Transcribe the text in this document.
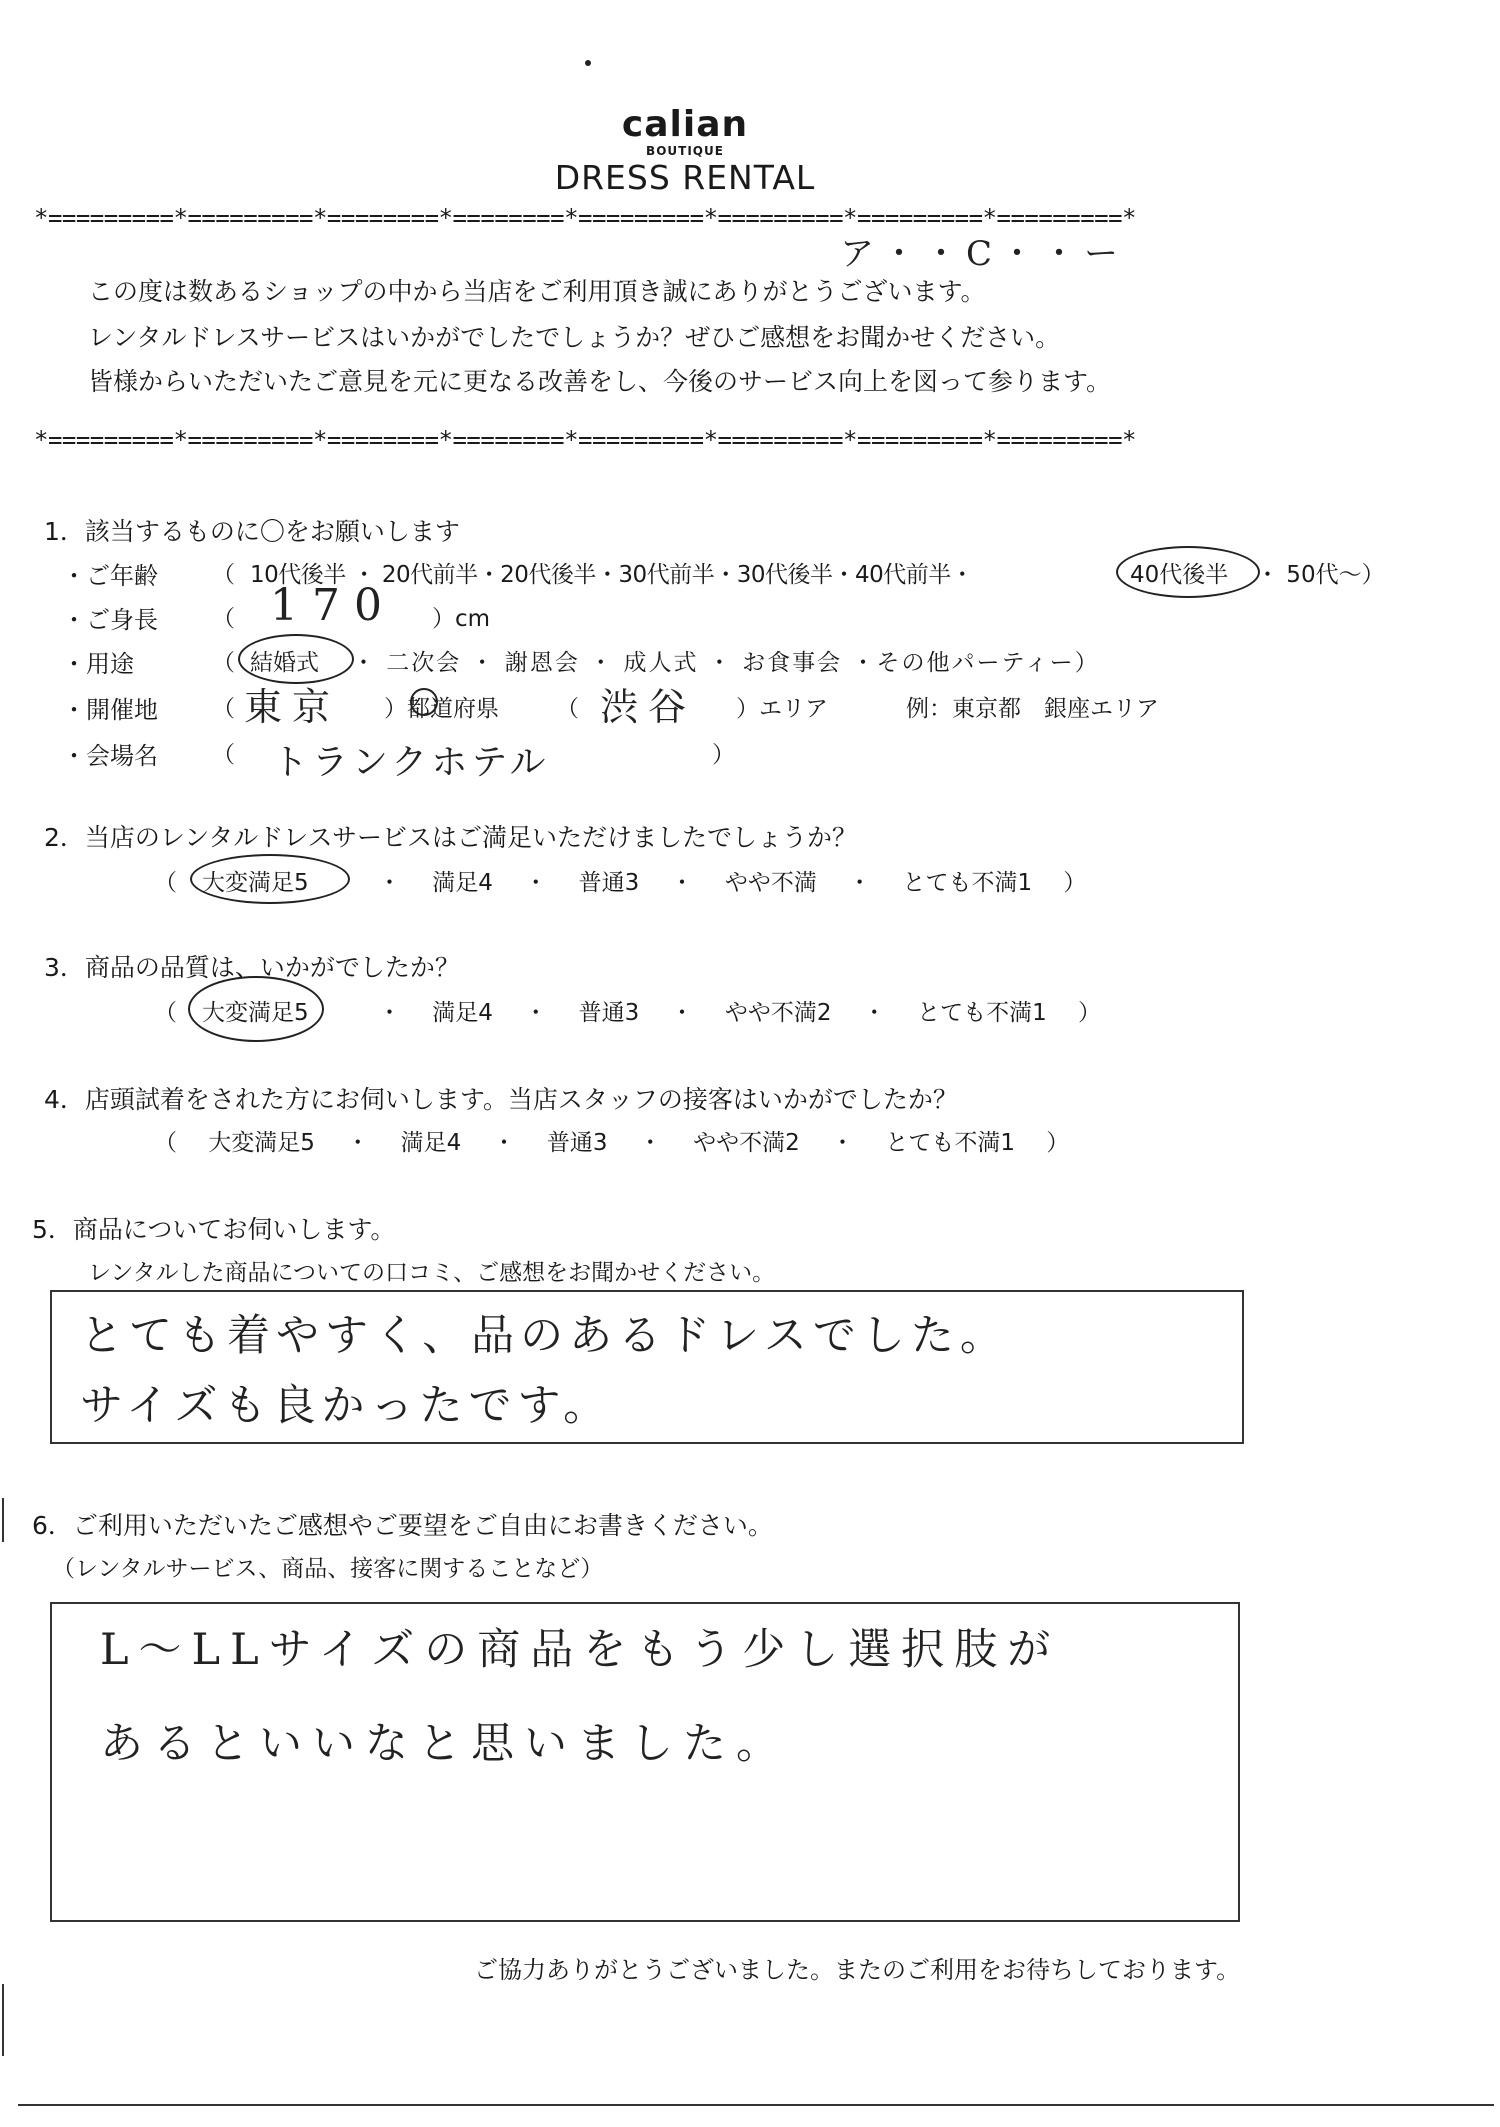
calian
BOUTIQUE
DRESS RENTAL
*=========*=========*========*========*=========*=========*=========*=========*
この度は数あるショップの中から当店をご利用頂き誠にありがとうございます。
レンタルドレスサービスはいかがでしたでしょうか？ぜひご感想をお聞かせください。
皆様からいただいたご意見を元に更なる改善をし、今後のサービス向上を図って参ります。
ア・・C・・ー
*=========*=========*========*========*=========*=========*=========*=========*
1．該当するものに〇をお願いします
・ご年齢 （ 10代後半 ・ 20代前半・20代後半・30代前半・30代後半・40代前半・	40代後半 ・ 50代～）
・ご身長 （ 170 ）cm
・用途	（ 結婚式 ・ 二次会 ・ 謝恩会 ・ 成人式 ・ お食事会 ・その他パーティー）
・開催地 （ 東京 ）都道府県 （ 渋谷 ）エリア	例：東京都　銀座エリア
・会場名 （ トランクホテル	）
2．当店のレンタルドレスサービスはご満足いただけましたでしょうか？
（ 大変満足5	・ 満足4 ・ 普通3 ・ やや不満 ・ とても不満1 ）
3．商品の品質は、いかがでしたか？
（ 大変満足5	・ 満足4 ・ 普通3 ・ やや不満2 ・ とても不満1 ）
4．店頭試着をされた方にお伺いします。当店スタッフの接客はいかがでしたか？
（ 大変満足5 ・ 満足4 ・ 普通3 ・ やや不満2 ・ とても不満1 ）
5．商品についてお伺いします。
レンタルした商品についての口コミ、ご感想をお聞かせください。
とても着やすく、品のあるドレスでした。
サイズも良かったです。
6．ご利用いただいたご感想やご要望をご自由にお書きください。
（レンタルサービス、商品、接客に関することなど）
L〜LLサイズの商品をもう少し選択肢が
あるといいなと思いました。
ご協力ありがとうございました。またのご利用をお待ちしております。
